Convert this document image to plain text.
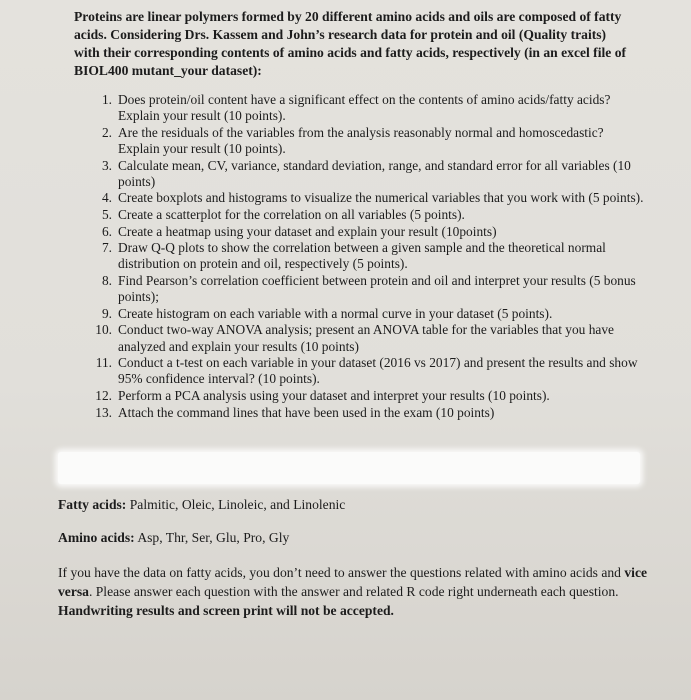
Proteins are linear polymers formed by 20 different amino acids and oils are composed of fatty acids. Considering Drs. Kassem and John’s research data for protein and oil (Quality traits) with their corresponding contents of amino acids and fatty acids, respectively (in an excel file of BIOL400 mutant_your dataset):
1. Does protein/oil content have a significant effect on the contents of amino acids/fatty acids? Explain your result (10 points).
2. Are the residuals of the variables from the analysis reasonably normal and homoscedastic? Explain your result (10 points).
3. Calculate mean, CV, variance, standard deviation, range, and standard error for all variables (10 points)
4. Create boxplots and histograms to visualize the numerical variables that you work with (5 points).
5. Create a scatterplot for the correlation on all variables (5 points).
6. Create a heatmap using your dataset and explain your result (10points)
7. Draw Q-Q plots to show the correlation between a given sample and the theoretical normal distribution on protein and oil, respectively (5 points).
8. Find Pearson’s correlation coefficient between protein and oil and interpret your results (5 bonus points);
9. Create histogram on each variable with a normal curve in your dataset (5 points).
10. Conduct two-way ANOVA analysis; present an ANOVA table for the variables that you have analyzed and explain your results (10 points)
11. Conduct a t-test on each variable in your dataset (2016 vs 2017) and present the results and show 95% confidence interval? (10 points).
12. Perform a PCA analysis using your dataset and interpret your results (10 points).
13. Attach the command lines that have been used in the exam (10 points)
Fatty acids: Palmitic, Oleic, Linoleic, and Linolenic
Amino acids: Asp, Thr, Ser, Glu, Pro, Gly
If you have the data on fatty acids, you don’t need to answer the questions related with amino acids and vice versa. Please answer each question with the answer and related R code right underneath each question. Handwriting results and screen print will not be accepted.
